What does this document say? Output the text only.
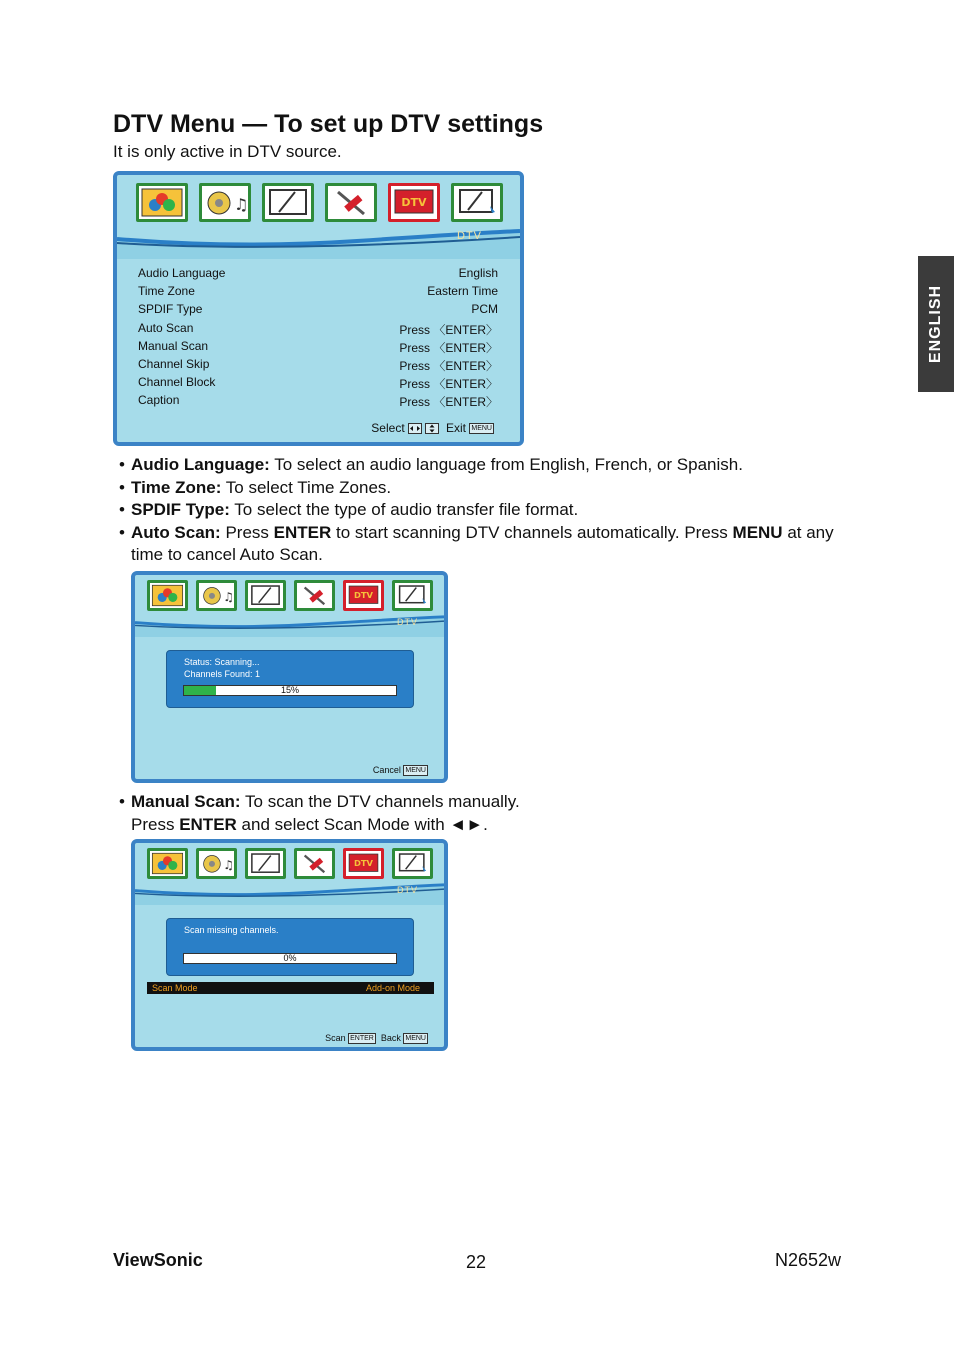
DTV Menu — To set up DTV settings
It is only active in DTV source.
ENGLISH
♫	DTV
DTV
Audio Language	English
Time Zone	Eastern Time
SPDIF Type	PCM
Auto Scan	Press 〈ENTER〉
Manual Scan	Press 〈ENTER〉
Channel Skip	Press 〈ENTER〉
Channel Block	Press 〈ENTER〉
Caption	Press 〈ENTER〉
Select
	Exit MENU

• Audio Language: To select an audio language from English, French, or Spanish.

• Time Zone: To select Time Zones.

• SPDIF Type: To select the type of audio transfer file format.

• Auto Scan: Press ENTER to start scanning DTV channels automatically. Press MENU at any time to cancel Auto Scan.

♫	DTV
DTV
Status: Scanning...
Channels Found: 1
15%
Cancel MENU

• Manual Scan: To scan the DTV channels manually.
Press ENTER and select Scan Mode with ◄►.

♫	DTV
DTV
Scan missing channels.
0%
Scan Mode	Add-on Mode
Scan ENTER Back MENU
ViewSonic	22	N2652w
